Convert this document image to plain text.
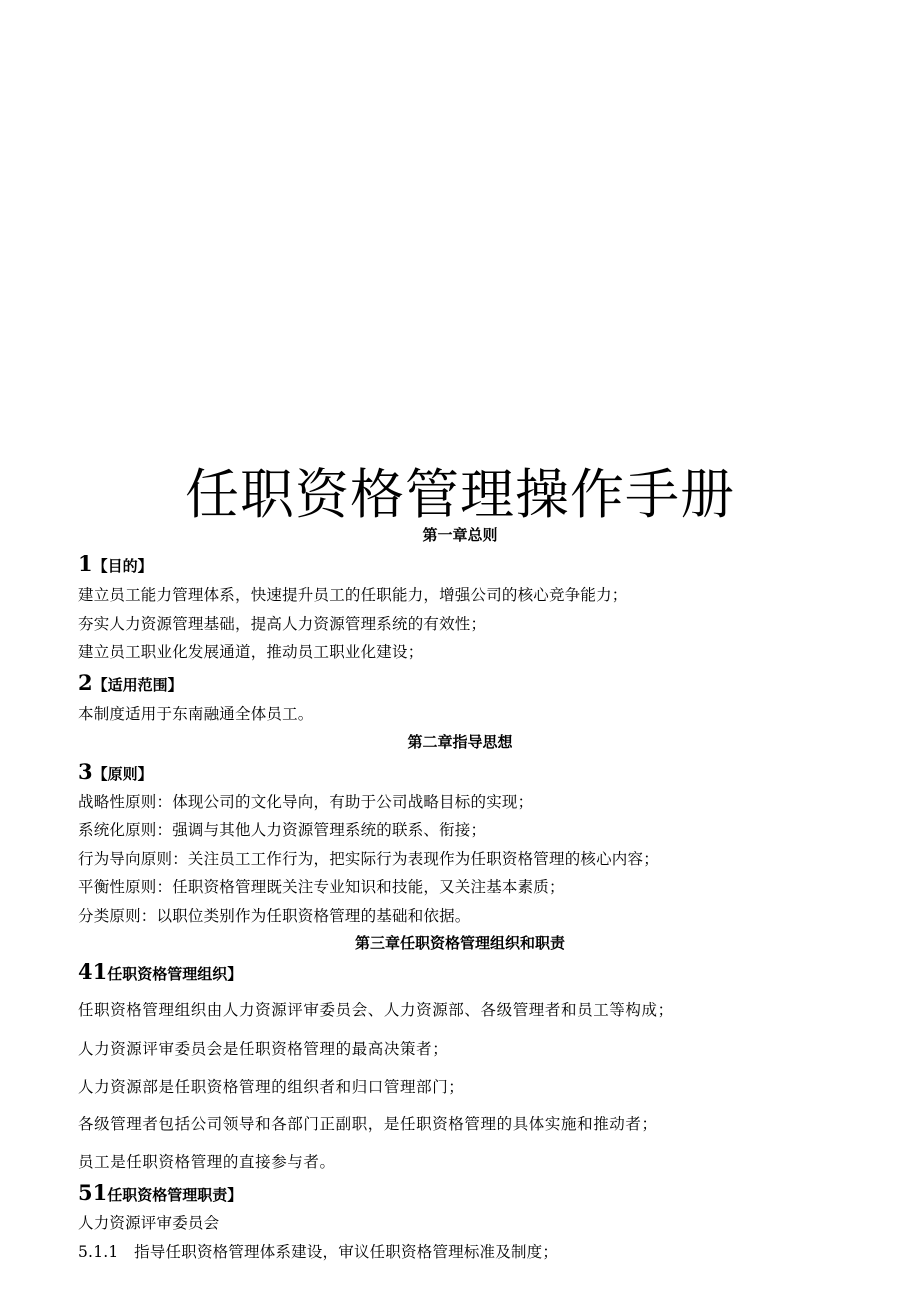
任职资格管理操作手册
第一章总则
1【目的】
建立员工能力管理体系，快速提升员工的任职能力，增强公司的核心竞争能力；
夯实人力资源管理基础，提高人力资源管理系统的有效性；
建立员工职业化发展通道，推动员工职业化建设；
2【适用范围】
本制度适用于东南融通全体员工。
第二章指导思想
3【原则】
战略性原则：体现公司的文化导向，有助于公司战略目标的实现；
系统化原则：强调与其他人力资源管理系统的联系、衔接；
行为导向原则：关注员工工作行为，把实际行为表现作为任职资格管理的核心内容；
平衡性原则：任职资格管理既关注专业知识和技能，又关注基本素质；
分类原则：以职位类别作为任职资格管理的基础和依据。
第三章任职资格管理组织和职责
41任职资格管理组织】
任职资格管理组织由人力资源评审委员会、人力资源部、各级管理者和员工等构成；
人力资源评审委员会是任职资格管理的最高决策者；
人力资源部是任职资格管理的组织者和归口管理部门；
各级管理者包括公司领导和各部门正副职，是任职资格管理的具体实施和推动者；
员工是任职资格管理的直接参与者。
51任职资格管理职责】
人力资源评审委员会
5.1.1　指导任职资格管理体系建设，审议任职资格管理标准及制度；
